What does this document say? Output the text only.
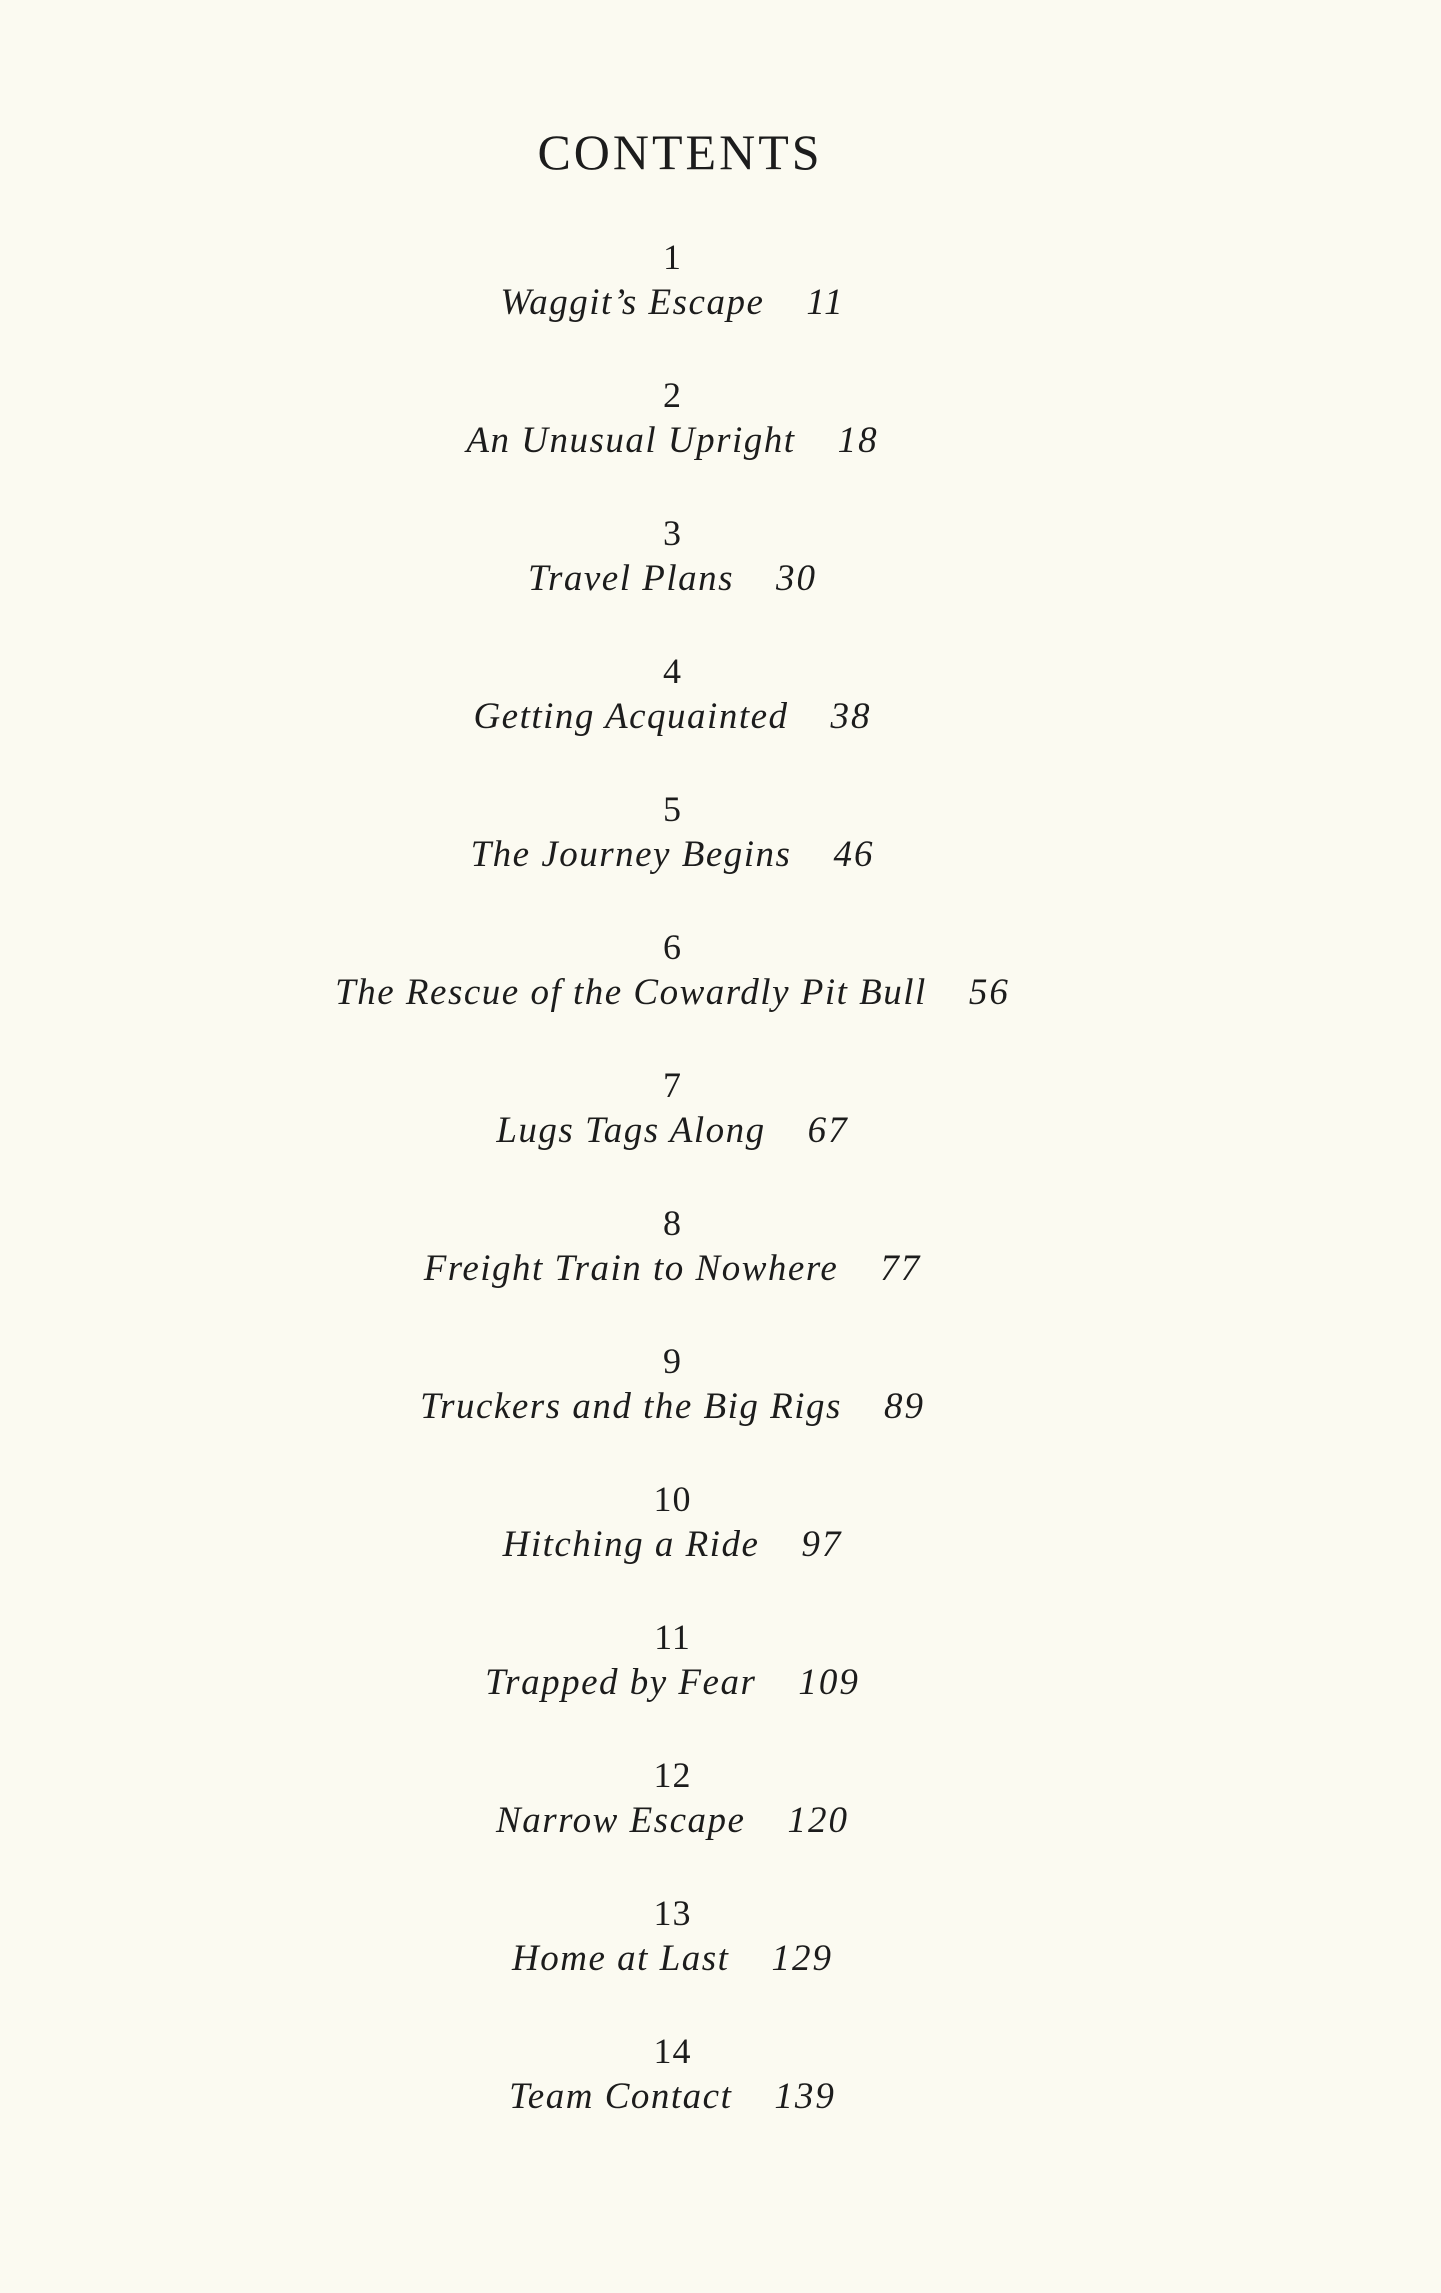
CONTENTS
1
Waggit’s Escape 11
2
An Unusual Upright 18
3
Travel Plans 30
4
Getting Acquainted 38
5
The Journey Begins 46
6
The Rescue of the Cowardly Pit Bull 56
7
Lugs Tags Along 67
8
Freight Train to Nowhere 77
9
Truckers and the Big Rigs 89
10
Hitching a Ride 97
11
Trapped by Fear 109
12
Narrow Escape 120
13
Home at Last 129
14
Team Contact 139
